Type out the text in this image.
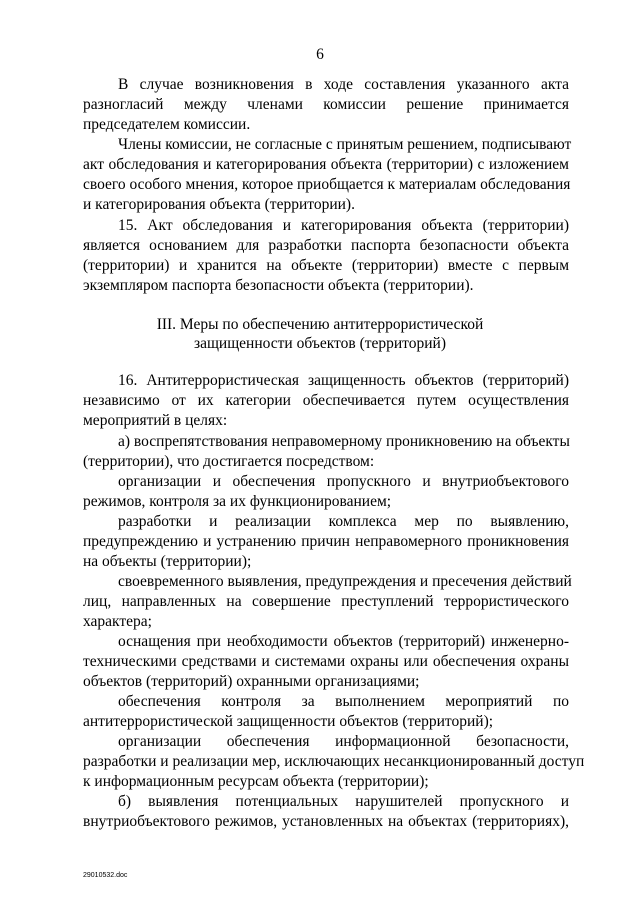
6
В случае возникновения в ходе составления указанного акта
разногласий между членами комиссии решение принимается
председателем комиссии.
Члены комиссии, не согласные с принятым решением, подписывают
акт обследования и категорирования объекта (территории) с изложением
своего особого мнения, которое приобщается к материалам обследования
и категорирования объекта (территории).
15. Акт обследования и категорирования объекта (территории)
является основанием для разработки паспорта безопасности объекта
(территории) и хранится на объекте (территории) вместе с первым
экземпляром паспорта безопасности объекта (территории).
III. Меры по обеспечению антитеррористической
защищенности объектов (территорий)
16. Антитеррористическая защищенность объектов (территорий)
независимо от их категории обеспечивается путем осуществления
мероприятий в целях:
а) воспрепятствования неправомерному проникновению на объекты
(территории), что достигается посредством:
организации и обеспечения пропускного и внутриобъектового
режимов, контроля за их функционированием;
разработки и реализации комплекса мер по выявлению,
предупреждению и устранению причин неправомерного проникновения
на объекты (территории);
своевременного выявления, предупреждения и пресечения действий
лиц, направленных на совершение преступлений террористического
характера;
оснащения при необходимости объектов (территорий) инженерно-
техническими средствами и системами охраны или обеспечения охраны
объектов (территорий) охранными организациями;
обеспечения контроля за выполнением мероприятий по
антитеррористической защищенности объектов (территорий);
организации обеспечения информационной безопасности,
разработки и реализации мер, исключающих несанкционированный доступ
к информационным ресурсам объекта (территории);
б) выявления потенциальных нарушителей пропускного и
внутриобъектового режимов, установленных на объектах (территориях),
29010532.doc
